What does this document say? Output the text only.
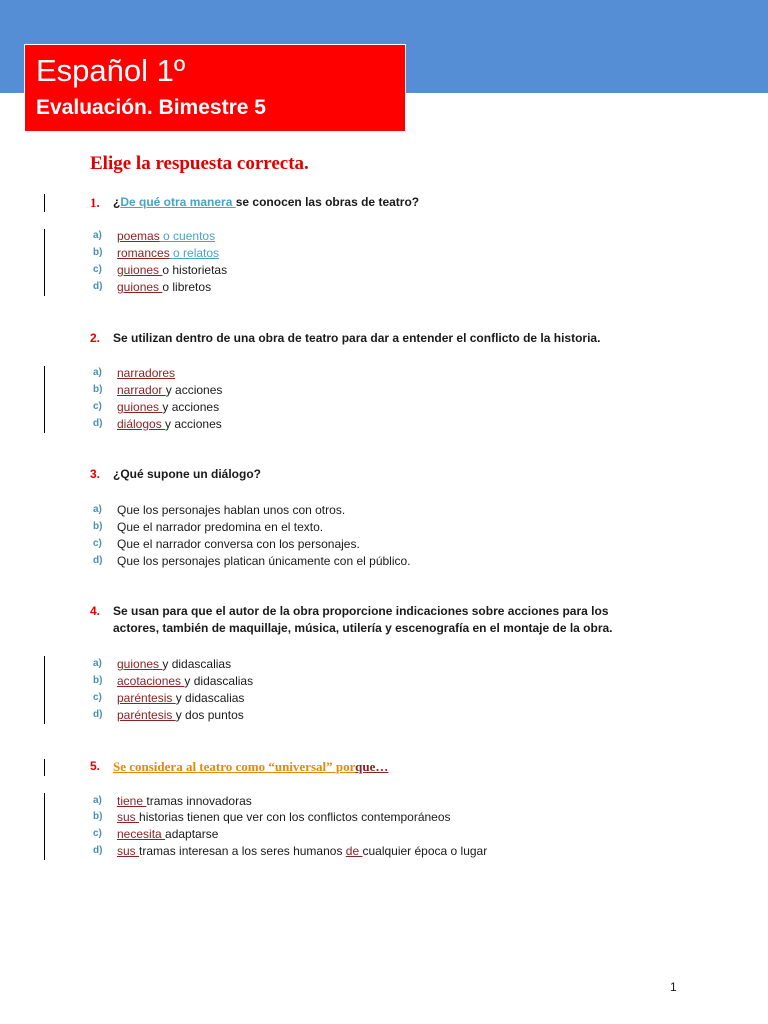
Español 1º
Evaluación. Bimestre 5
Elige la respuesta correcta.
1. ¿De qué otra manera se conocen las obras de teatro?
a) poemas o cuentos
b) romances o relatos
c) guiones o historietas
d) guiones o libretos
2. Se utilizan dentro de una obra de teatro para dar a entender el conflicto de la historia.
a) narradores
b) narrador y acciones
c) guiones y acciones
d) diálogos y acciones
3. ¿Qué supone un diálogo?
a) Que los personajes hablan unos con otros.
b) Que el narrador predomina en el texto.
c) Que el narrador conversa con los personajes.
d) Que los personajes platican únicamente con el público.
4. Se usan para que el autor de la obra proporcione indicaciones sobre acciones para los
actores, también de maquillaje, música, utilería y escenografía en el montaje de la obra.
a) guiones y didascalias
b) acotaciones y didascalias
c) paréntesis y didascalias
d) paréntesis y dos puntos
5. Se considera al teatro como “universal” porque…
a) tiene tramas innovadoras
b) sus historias tienen que ver con los conflictos contemporáneos
c) necesita adaptarse
d) sus tramas interesan a los seres humanos de cualquier época o lugar
1
